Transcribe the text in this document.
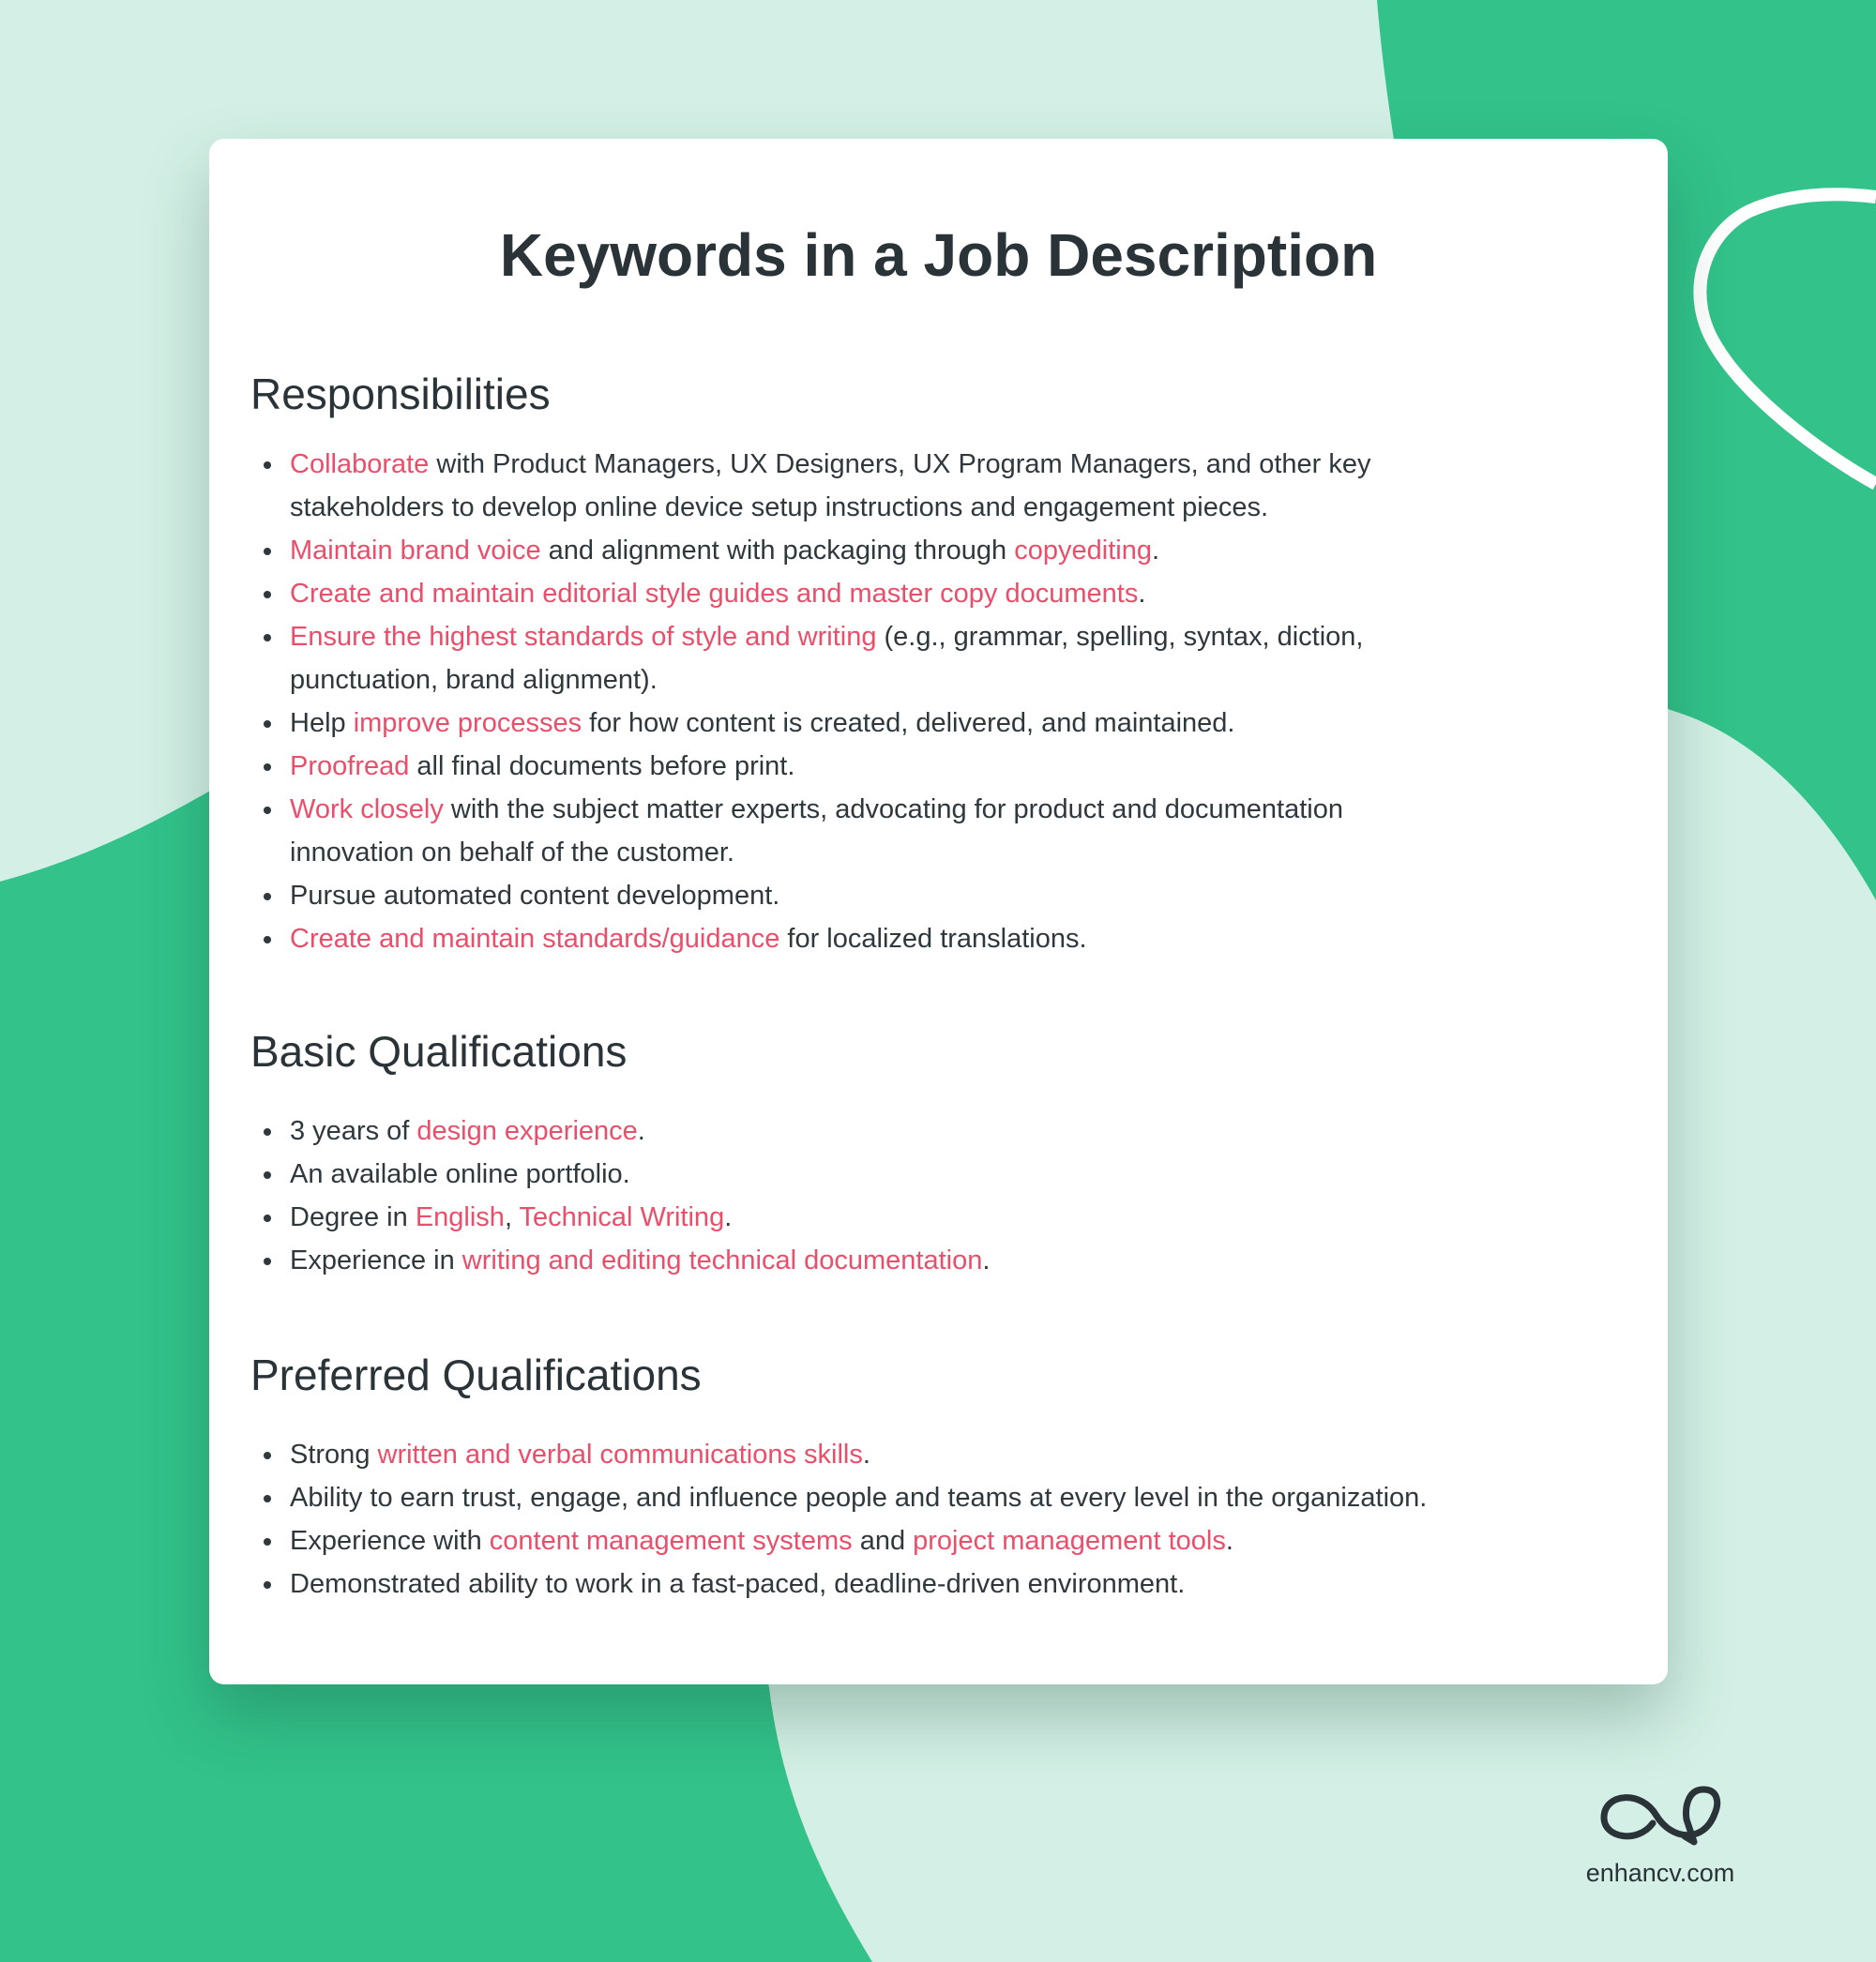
Keywords in a Job Description
Responsibilities
Collaborate with Product Managers, UX Designers, UX Program Managers, and other key stakeholders to develop online device setup instructions and engagement pieces.
Maintain brand voice and alignment with packaging through copyediting.
Create and maintain editorial style guides and master copy documents.
Ensure the highest standards of style and writing (e.g., grammar, spelling, syntax, diction, punctuation, brand alignment).
Help improve processes for how content is created, delivered, and maintained.
Proofread all final documents before print.
Work closely with the subject matter experts, advocating for product and documentation innovation on behalf of the customer.
Pursue automated content development.
Create and maintain standards/guidance for localized translations.
Basic Qualifications
3 years of design experience.
An available online portfolio.
Degree in English, Technical Writing.
Experience in writing and editing technical documentation.
Preferred Qualifications
Strong written and verbal communications skills.
Ability to earn trust, engage, and influence people and teams at every level in the organization.
Experience with content management systems and project management tools.
Demonstrated ability to work in a fast-paced, deadline-driven environment.
enhancv.com
